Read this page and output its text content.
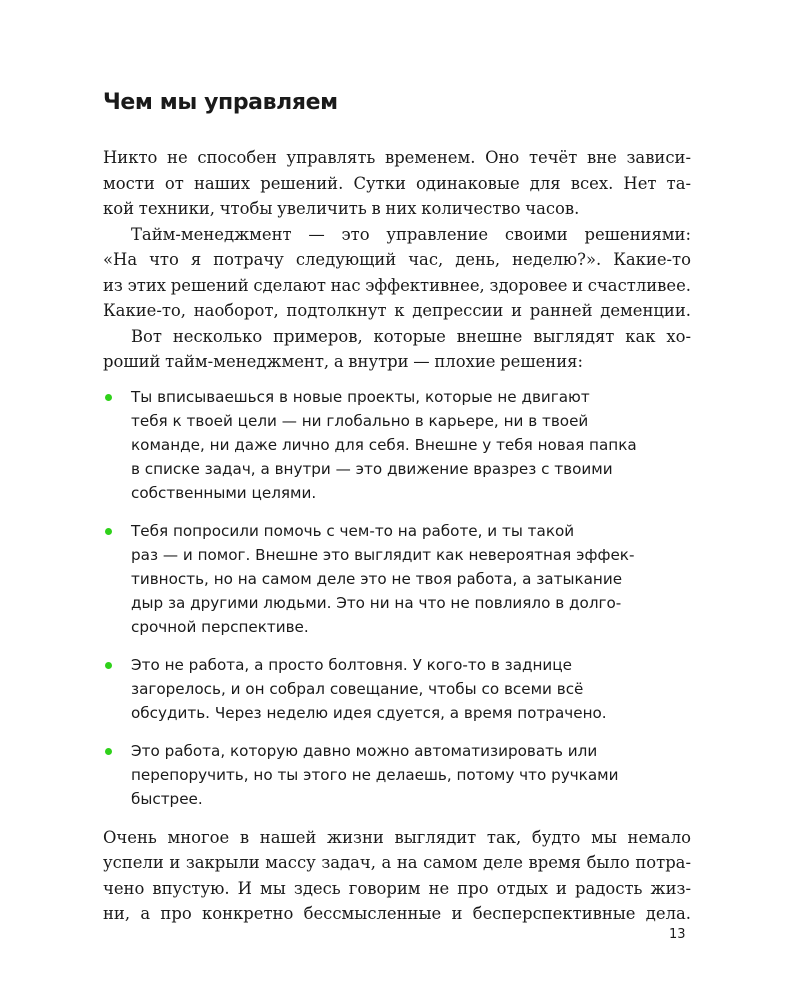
Чем мы управляем

Никто не способен управлять временем. Оно течёт вне зависи-
мости от наших решений. Сутки одинаковые для всех. Нет та-
кой техники, чтобы увеличить в них количество часов.

Тайм-менеджмент — это управление своими решениями:
«На что я потрачу следующий час, день, неделю?». Какие-то
из этих решений сделают нас эффективнее, здоровее и счастливее.
Какие-то, наоборот, подтолкнут к депрессии и ранней деменции.

Вот несколько примеров, которые внешне выглядят как хо-
роший тайм-менеджмент, а внутри — плохие решения:

Ты вписываешься в новые проекты, которые не двигают
тебя к твоей цели — ни глобально в карьере, ни в твоей
команде, ни даже лично для себя. Внешне у тебя новая папка
в списке задач, а внутри — это движение вразрез с твоими
собственными целями.
Тебя попросили помочь с чем-то на работе, и ты такой
раз — и помог. Внешне это выглядит как невероятная эффек-
тивность, но на самом деле это не твоя работа, а затыкание
дыр за другими людьми. Это ни на что не повлияло в долго-
срочной перспективе.
Это не работа, а просто болтовня. У кого-то в заднице
загорелось, и он собрал совещание, чтобы со всеми всё
обсудить. Через неделю идея сдуется, а время потрачено.
Это работа, которую давно можно автоматизировать или
перепоручить, но ты этого не делаешь, потому что ручками
быстрее.

Очень многое в нашей жизни выглядит так, будто мы немало
успели и закрыли массу задач, а на самом деле время было потра-
чено впустую. И мы здесь говорим не про отдых и радость жиз-
ни, а про конкретно бессмысленные и бесперспективные дела.

13
